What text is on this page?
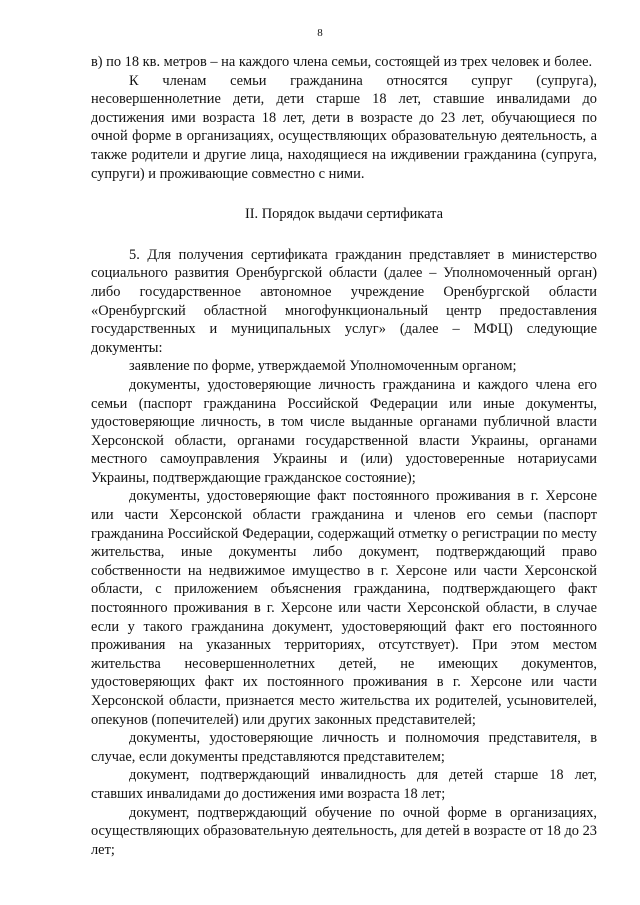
8

в) по 18 кв. метров – на каждого члена семьи, состоящей из трех человек и более.

К членам семьи гражданина относятся супруг (супруга), несовершеннолетние дети, дети старше 18 лет, ставшие инвалидами до достижения ими возраста 18 лет, дети в возрасте до 23 лет, обучающиеся по очной форме в организациях, осуществляющих образовательную деятельность, а также родители и другие лица, находящиеся на иждивении гражданина (супруга, супруги) и проживающие совместно с ними.

II. Порядок выдачи сертификата

5. Для получения сертификата гражданин представляет в министерство социального развития Оренбургской области (далее – Уполномоченный орган) либо государственное автономное учреждение Оренбургской области «Оренбургский областной многофункциональный центр предоставления государственных и муниципальных услуг» (далее – МФЦ) следующие документы:

заявление по форме, утверждаемой Уполномоченным органом;

документы, удостоверяющие личность гражданина и каждого члена его семьи (паспорт гражданина Российской Федерации или иные документы, удостоверяющие личность, в том числе выданные органами публичной власти Херсонской области, органами государственной власти Украины, органами местного самоуправления Украины и (или) удостоверенные нотариусами Украины, подтверждающие гражданское состояние);

документы, удостоверяющие факт постоянного проживания в г. Херсоне или части Херсонской области гражданина и членов его семьи (паспорт гражданина Российской Федерации, содержащий отметку о регистрации по месту жительства, иные документы либо документ, подтверждающий право собственности на недвижимое имущество в г. Херсоне или части Херсонской области, с приложением объяснения гражданина, подтверждающего факт постоянного проживания в г. Херсоне или части Херсонской области, в случае если у такого гражданина документ, удостоверяющий факт его постоянного проживания на указанных территориях, отсутствует). При этом местом жительства несовершеннолетних детей, не имеющих документов, удостоверяющих факт их постоянного проживания в г. Херсоне или части Херсонской области, признается место жительства их родителей, усыновителей, опекунов (попечителей) или других законных представителей;

документы, удостоверяющие личность и полномочия представителя, в случае, если документы представляются представителем;

документ, подтверждающий инвалидность для детей старше 18 лет, ставших инвалидами до достижения ими возраста 18 лет;

документ, подтверждающий обучение по очной форме в организациях, осуществляющих образовательную деятельность, для детей в возрасте от 18 до 23 лет;
